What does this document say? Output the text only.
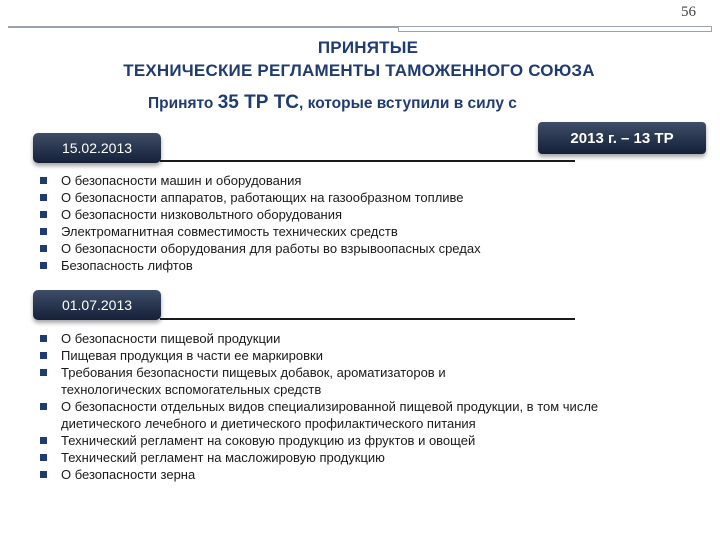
56
ПРИНЯТЫЕ
ТЕХНИЧЕСКИЕ РЕГЛАМЕНТЫ ТАМОЖЕННОГО СОЮЗА
Принято 35 ТР ТС, которые вступили в силу с
2013 г. – 13 ТР
15.02.2013
О безопасности машин и оборудования
О безопасности аппаратов, работающих на газообразном топливе
О безопасности низковольтного оборудования
Электромагнитная совместимость технических средств
О безопасности оборудования для работы во взрывоопасных средах
Безопасность лифтов
01.07.2013
О безопасности пищевой продукции
Пищевая продукция в части ее маркировки
Требования безопасности пищевых добавок, ароматизаторов и технологических вспомогательных средств
О безопасности отдельных видов специализированной пищевой продукции, в том числе диетического лечебного и диетического профилактического питания
Технический регламент на соковую продукцию из фруктов и овощей
Технический регламент на масложировую продукцию
О безопасности зерна
